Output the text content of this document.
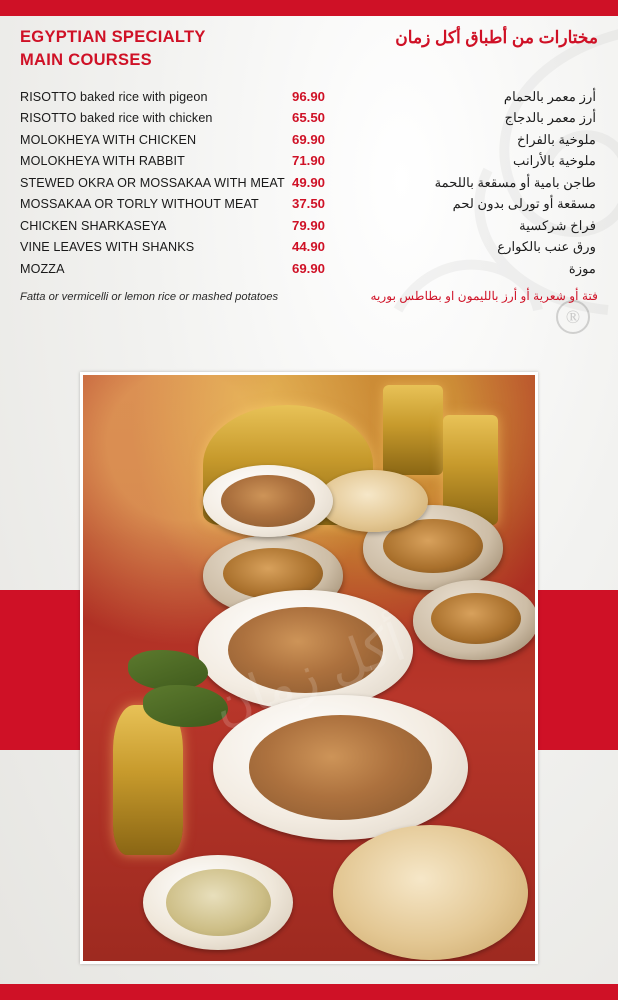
®
EGYPTIAN SPECIALTY
MAIN COURSES
مختارات من أطباق أكل زمان
RISOTTO baked rice with pigeon	96.90	أرز معمر بالحمام
RISOTTO baked rice with chicken	65.50	أرز معمر بالدجاج
MOLOKHEYA WITH CHICKEN	69.90	ملوخية بالفراخ
MOLOKHEYA WITH RABBIT	71.90	ملوخية بالأرانب
STEWED OKRA OR MOSSAKAA WITH MEAT 49.90	طاجن بامية أو مسقعة باللحمة
MOSSAKAA OR TORLY WITHOUT MEAT	37.50	مسقعة أو تورلى بدون لحم
CHICKEN SHARKASEYA	79.90	فراخ شركسية
VINE LEAVES WITH SHANKS	44.90	ورق عنب بالكوارع
MOZZA	69.90	موزة
Fatta or vermicelli or lemon rice or mashed potatoes	فتة أو شعرية أو أرز بالليمون او بطاطس بوريه
